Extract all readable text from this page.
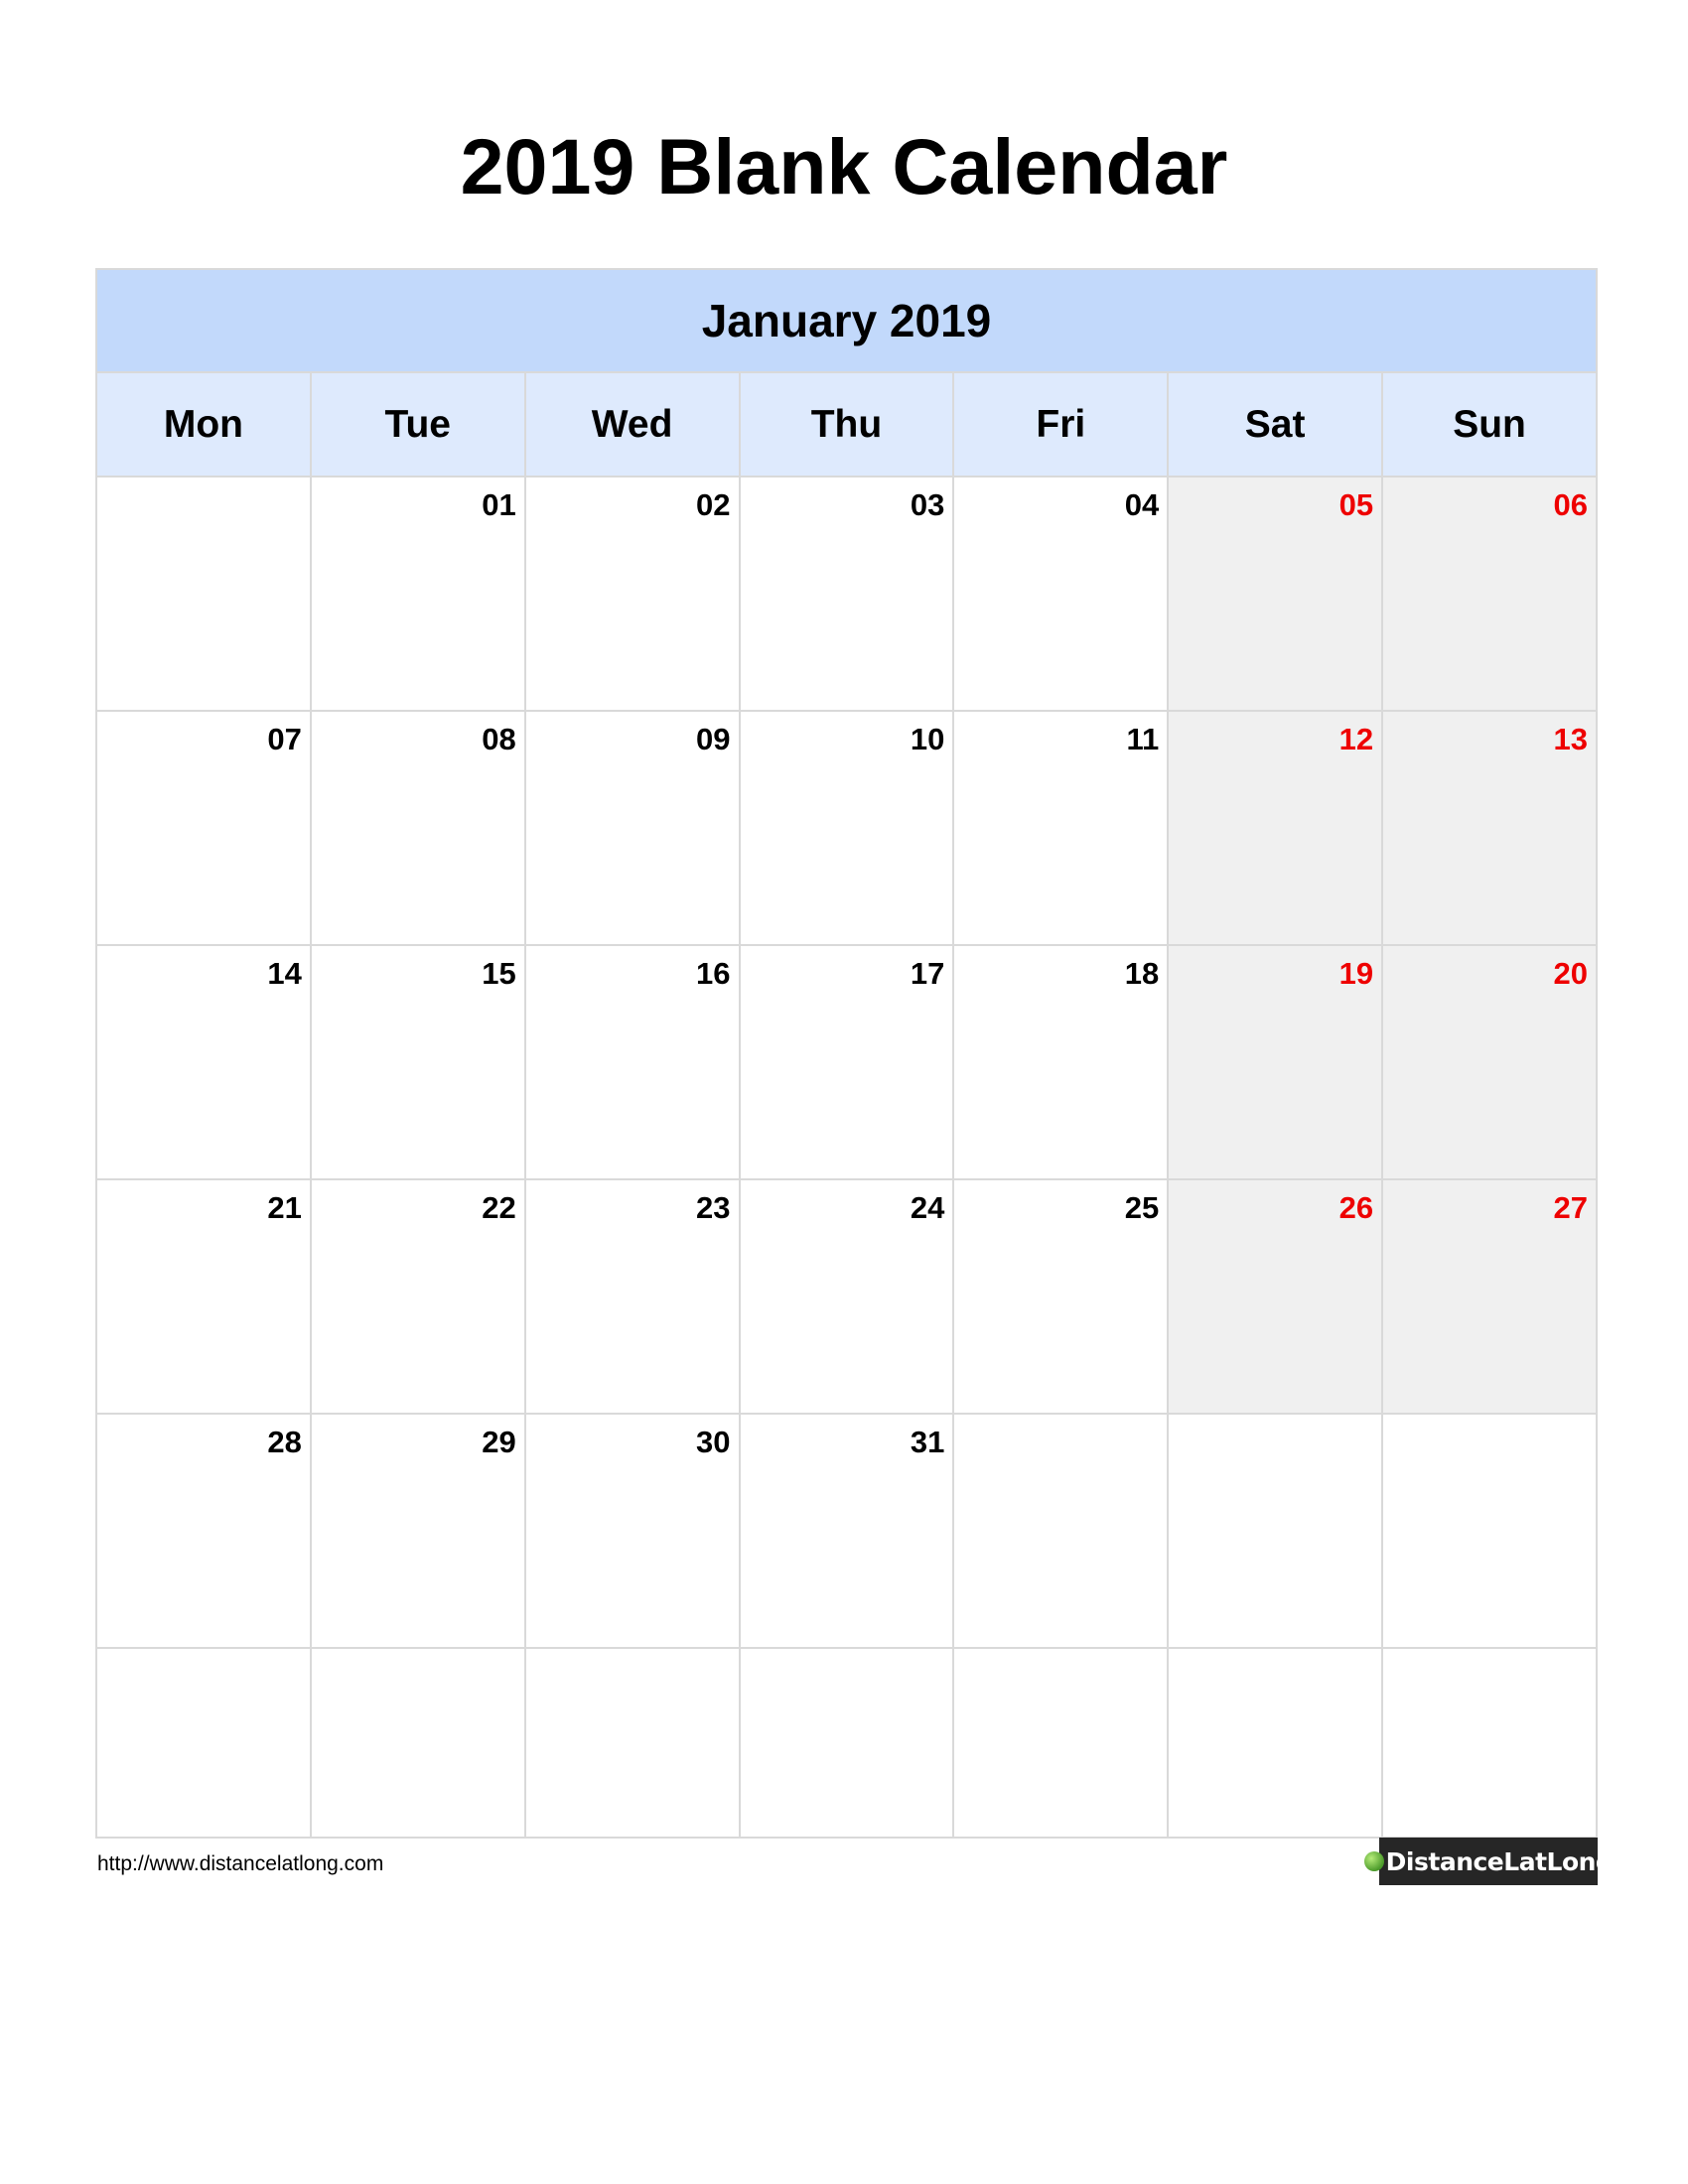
2019 Blank Calendar
January 2019						
Mon	Tue	Wed	Thu	Fri	Sat	Sun

	01	02	03	04	05	06

07	08	09	10	11	12	13

14	15	16	17	18	19	20

21	22	23	24	25	26	27

28	29	30	31			

http://www.distancelatlong.com	DistanceLatLong
